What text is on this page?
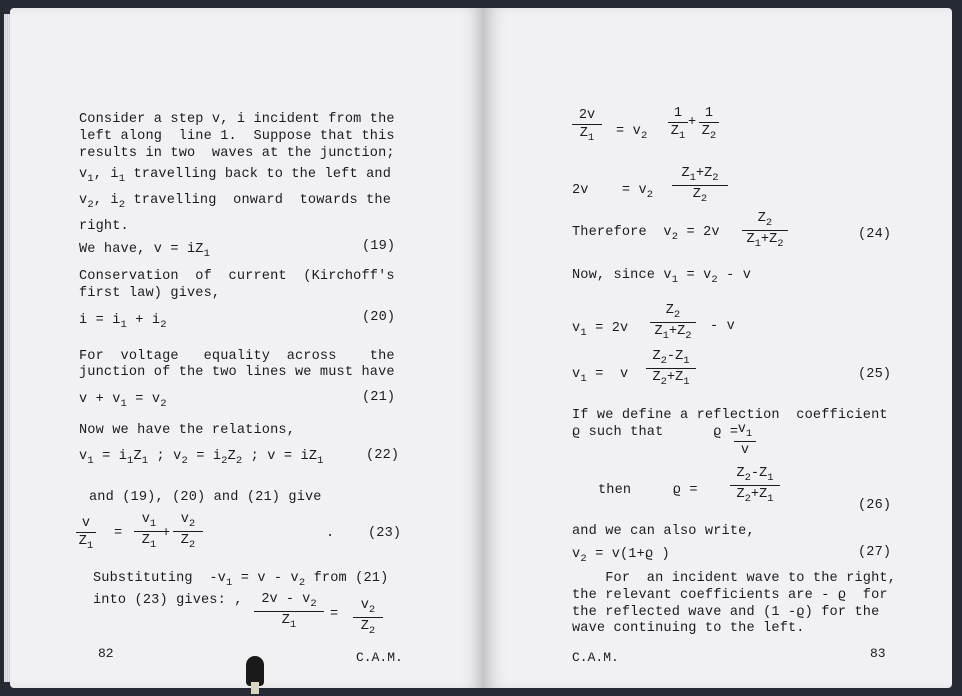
Consider a step v, i incident from the
left along  line 1.  Suppose that this
results in two  waves at the junction;
$v_1$, $i_1$ travelling back to the left and
$v_2$, $i_2$ travelling  onward  towards the
right.
We have, $v = iZ_1$	(19)
Conservation  of  current  (Kirchoff's
first law) gives,
$i = i_1 + i_2$	(20)
For  voltage   equality  across    the
junction of the two lines we must have
$v + v_1 = v_2$	(21)
Now we have the relations,
$v_1 = i_1Z_1$ ; $v_2 = i_2Z_2$ ; $v = iZ_1$	(22)
and (19), (20) and (21) give
$\frac{v}{Z_1} = \frac{v_1}{Z_1}$
+ $\frac{v_2}{Z_2}$	. (23)
Substituting  $-v_1 = v - v_2$ from (21)
into (23) gives: , $\frac{2v - v_2}{Z_1} = \frac{v_2}{Z_2}$
82	C.A.M.
$\frac{2v}{Z_1} = v_2 \frac{1}{Z_1} + \frac{1}{Z_2}$
2v    = $v_2 \frac{Z_1+Z_2}{Z_2}$
Therefore  $v_2 = 2v \frac{Z_2}{Z_1+Z_2}$	(24)
Now, since $v_1 = v_2 - v$
$v_1 = 2v \frac{Z_2}{Z_1+Z_2} - v$
$v_1 = v \frac{Z_2-Z_1}{Z_2+Z_1}$	(25)
If we define a reflection  coefficient
ϱ such that	ϱ =
$\frac{v_1}{v}$
then	$ϱ = \frac{Z_2-Z_1}{Z_2+Z_1}$
(26)
and we can also write,
$v_2 = v(1+ϱ$ )	(27)
For  an incident wave to the right,
the relevant coefficients are - ϱ for
the reflected wave and (1 -ϱ) for the
wave continuing to the left.
C.A.M.	83
